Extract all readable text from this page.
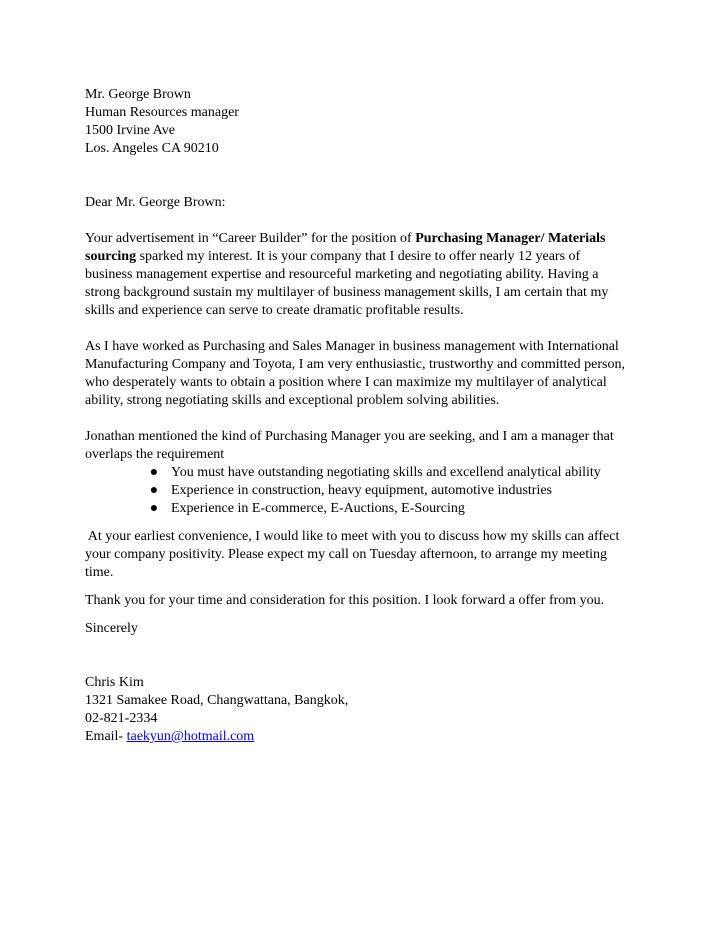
Mr. George Brown
Human Resources manager
1500 Irvine Ave
Los. Angeles CA 90210
Dear Mr. George Brown:

Your advertisement in “Career Builder” for the position of Purchasing Manager/ Materials
sourcing sparked my interest. It is your company that I desire to offer nearly 12 years of
business management expertise and resourceful marketing and negotiating ability. Having a
strong background sustain my multilayer of business management skills, I am certain that my
skills and experience can serve to create dramatic profitable results.

As I have worked as Purchasing and Sales Manager in business management with International
Manufacturing Company and Toyota, I am very enthusiastic, trustworthy and committed person,
who desperately wants to obtain a position where I can maximize my multilayer of analytical
ability, strong negotiating skills and exceptional problem solving abilities.

Jonathan mentioned the kind of Purchasing Manager you are seeking, and I am a manager that
overlaps the requirement

● You must have outstanding negotiating skills and excellend analytical ability
● Experience in construction, heavy equipment, automotive industries
● Experience in E-commerce, E-Auctions, E-Sourcing

At your earliest convenience, I would like to meet with you to discuss how my skills can affect
your company positivity. Please expect my call on Tuesday afternoon, to arrange my meeting
time.

Thank you for your time and consideration for this position. I look forward a offer from you.
Sincerely
Chris Kim
1321 Samakee Road, Changwattana, Bangkok,
02-821-2334
Email- taekyun@hotmail.com
